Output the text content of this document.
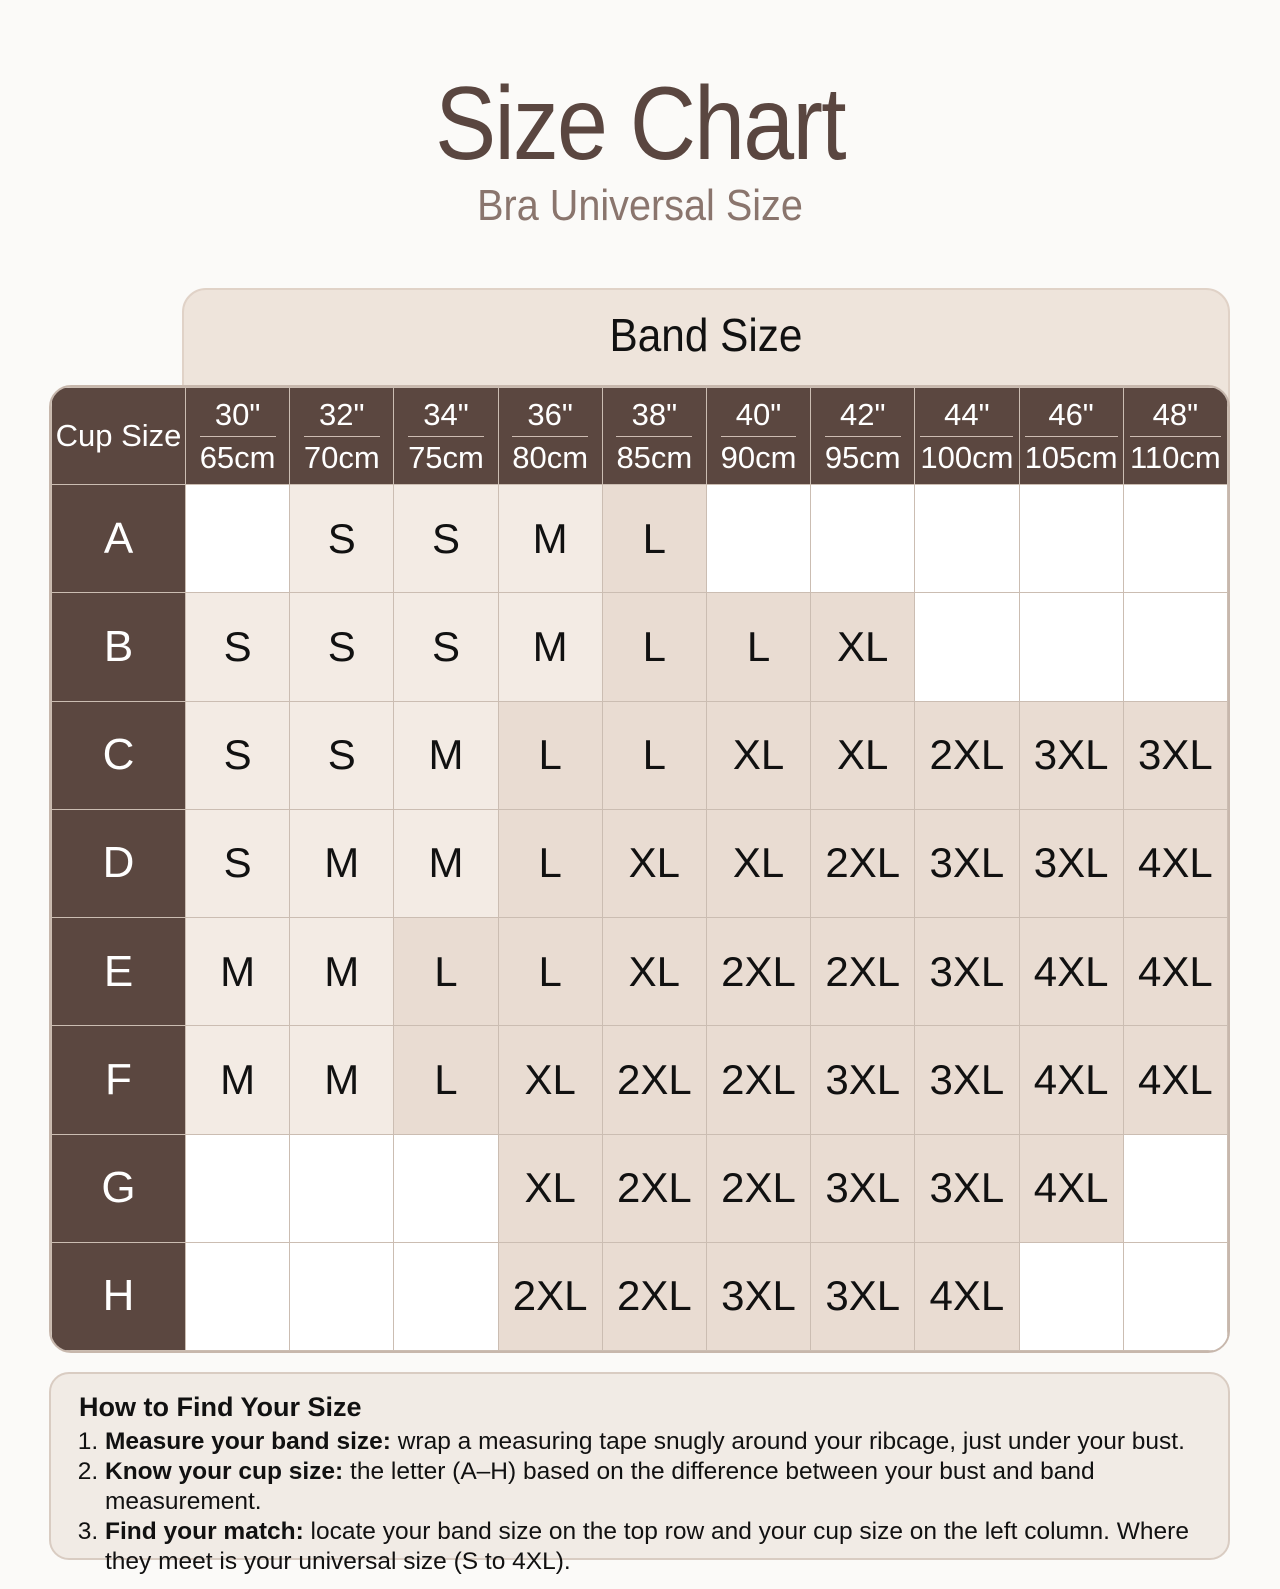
Size Chart
Bra Universal Size
Band Size
Cup Size	$\frac{30"}{65cm}$	$\frac{32"}{70cm}$	$\frac{34"}{75cm}$	$\frac{36"}{80cm}$	$\frac{38"}{85cm}$	$\frac{40"}{90cm}$	$\frac{42"}{95cm}$	$\frac{44"}{100cm}$	$\frac{46"}{105cm}$	$\frac{48"}{110cm}$

A		S	S	M	L					
B	S	S	S	M	L	L	XL			
C	S	S	M	L	L	XL	XL	2XL	3XL	3XL
D	S	M	M	L	XL	XL	2XL	3XL	3XL	4XL
E	M	M	L	L	XL	2XL	2XL	3XL	4XL	4XL
F	M	M	L	XL	2XL	2XL	3XL	3XL	4XL	4XL
G				XL	2XL	2XL	3XL	3XL	4XL	
H				2XL	2XL	3XL	3XL	4XL		
How to Find Your Size
1. Measure your band size: wrap a measuring tape snugly around your ribcage, just under your bust.
2. Know your cup size: the letter (A–H) based on the difference between your bust and band measurement.
3. Find your match: locate your band size on the top row and your cup size on the left column. Where they meet is your universal size (S to 4XL).
